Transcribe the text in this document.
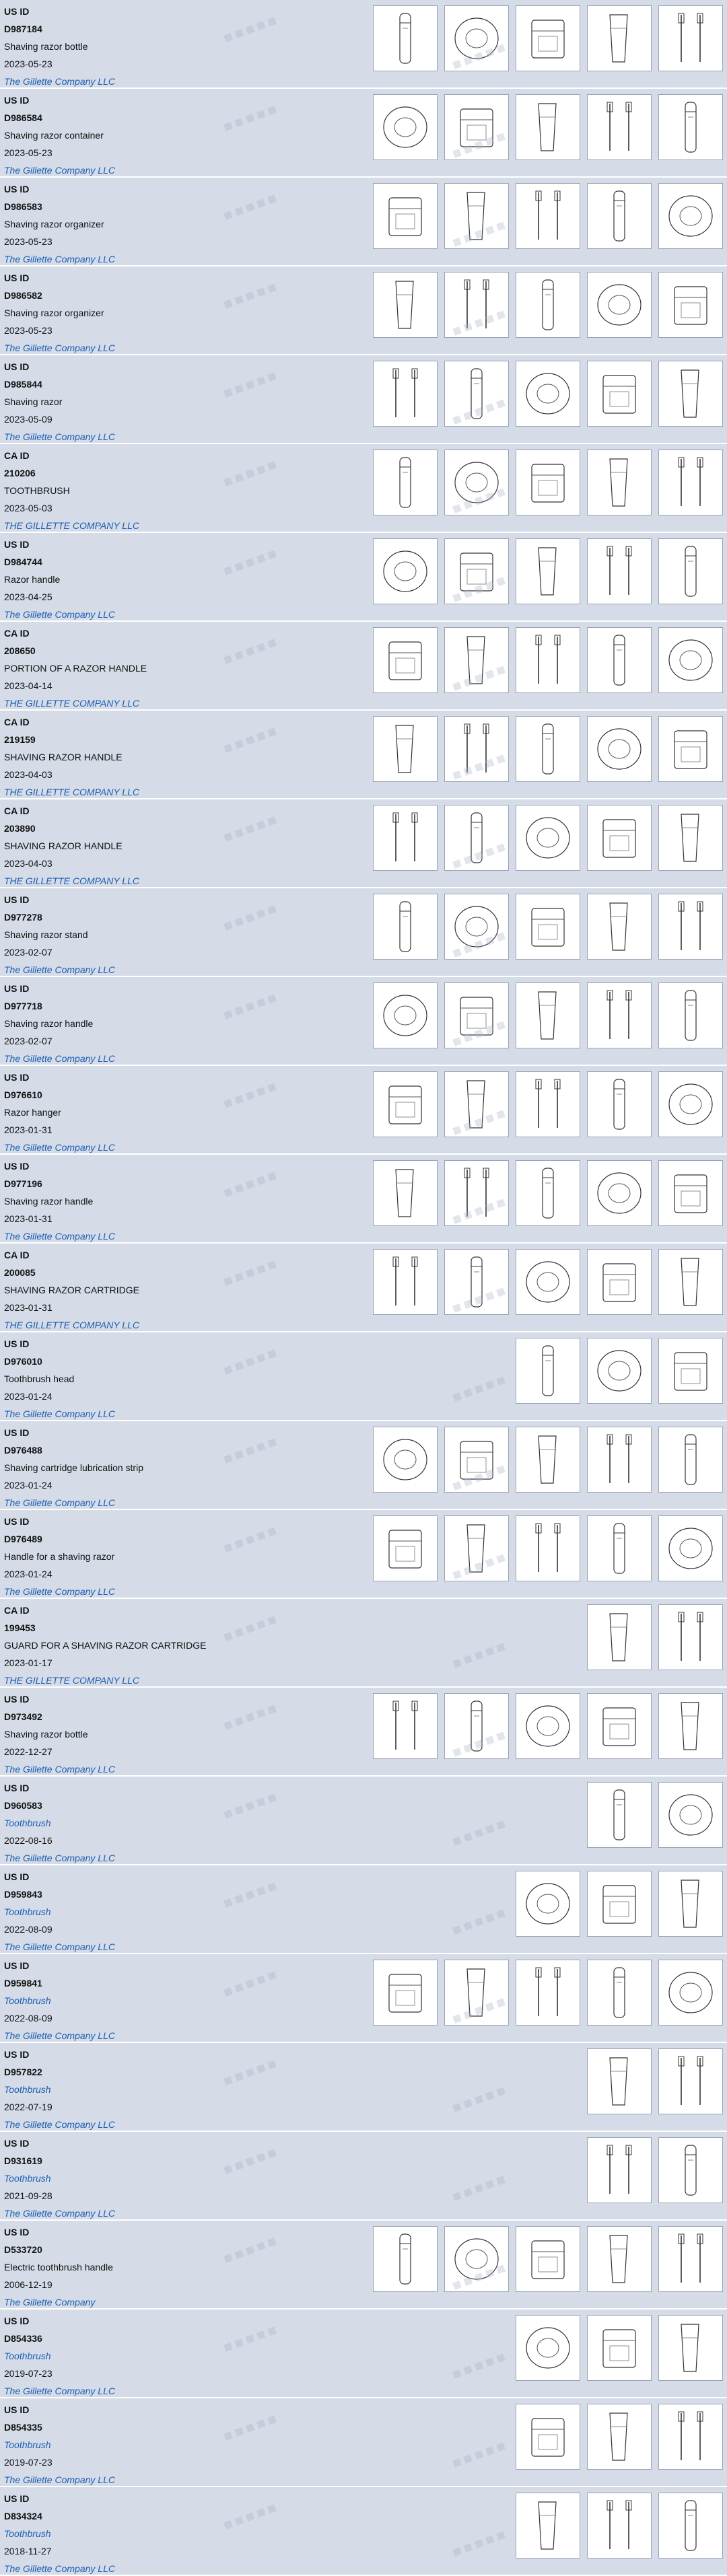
US ID
D987184
Shaving razor bottle
2023-05-23
The Gillette Company LLC
■■■■■
■■■■■
US ID
D986584
Shaving razor container
2023-05-23
The Gillette Company LLC
■■■■■
■■■■■
US ID
D986583
Shaving razor organizer
2023-05-23
The Gillette Company LLC
■■■■■
■■■■■
US ID
D986582
Shaving razor organizer
2023-05-23
The Gillette Company LLC
■■■■■
■■■■■
US ID
D985844
Shaving razor
2023-05-09
The Gillette Company LLC
■■■■■
■■■■■
CA ID
210206
TOOTHBRUSH
2023-05-03
THE GILLETTE COMPANY LLC
■■■■■
■■■■■
US ID
D984744
Razor handle
2023-04-25
The Gillette Company LLC
■■■■■
■■■■■
CA ID
208650
PORTION OF A RAZOR HANDLE
2023-04-14
THE GILLETTE COMPANY LLC
■■■■■
■■■■■
CA ID
219159
SHAVING RAZOR HANDLE
2023-04-03
THE GILLETTE COMPANY LLC
■■■■■
■■■■■
CA ID
203890
SHAVING RAZOR HANDLE
2023-04-03
THE GILLETTE COMPANY LLC
■■■■■
■■■■■
US ID
D977278
Shaving razor stand
2023-02-07
The Gillette Company LLC
■■■■■
■■■■■
US ID
D977718
Shaving razor handle
2023-02-07
The Gillette Company LLC
■■■■■
■■■■■
US ID
D976610
Razor hanger
2023-01-31
The Gillette Company LLC
■■■■■
■■■■■
US ID
D977196
Shaving razor handle
2023-01-31
The Gillette Company LLC
■■■■■
■■■■■
CA ID
200085
SHAVING RAZOR CARTRIDGE
2023-01-31
THE GILLETTE COMPANY LLC
■■■■■
■■■■■
US ID
D976010
Toothbrush head
2023-01-24
The Gillette Company LLC
■■■■■
■■■■■
US ID
D976488
Shaving cartridge lubrication strip
2023-01-24
The Gillette Company LLC
■■■■■
■■■■■
US ID
D976489
Handle for a shaving razor
2023-01-24
The Gillette Company LLC
■■■■■
■■■■■
CA ID
199453
GUARD FOR A SHAVING RAZOR CARTRIDGE
2023-01-17
THE GILLETTE COMPANY LLC
■■■■■
■■■■■
US ID
D973492
Shaving razor bottle
2022-12-27
The Gillette Company LLC
■■■■■
■■■■■
US ID
D960583
Toothbrush
2022-08-16
The Gillette Company LLC
■■■■■
■■■■■
US ID
D959843
Toothbrush
2022-08-09
The Gillette Company LLC
■■■■■
■■■■■
US ID
D959841
Toothbrush
2022-08-09
The Gillette Company LLC
■■■■■
■■■■■
US ID
D957822
Toothbrush
2022-07-19
The Gillette Company LLC
■■■■■
■■■■■
US ID
D931619
Toothbrush
2021-09-28
The Gillette Company LLC
■■■■■
■■■■■
US ID
D533720
Electric toothbrush handle
2006-12-19
The Gillette Company
■■■■■
■■■■■
US ID
D854336
Toothbrush
2019-07-23
The Gillette Company LLC
■■■■■
■■■■■
US ID
D854335
Toothbrush
2019-07-23
The Gillette Company LLC
■■■■■
■■■■■
US ID
D834324
Toothbrush
2018-11-27
The Gillette Company LLC
■■■■■
■■■■■
